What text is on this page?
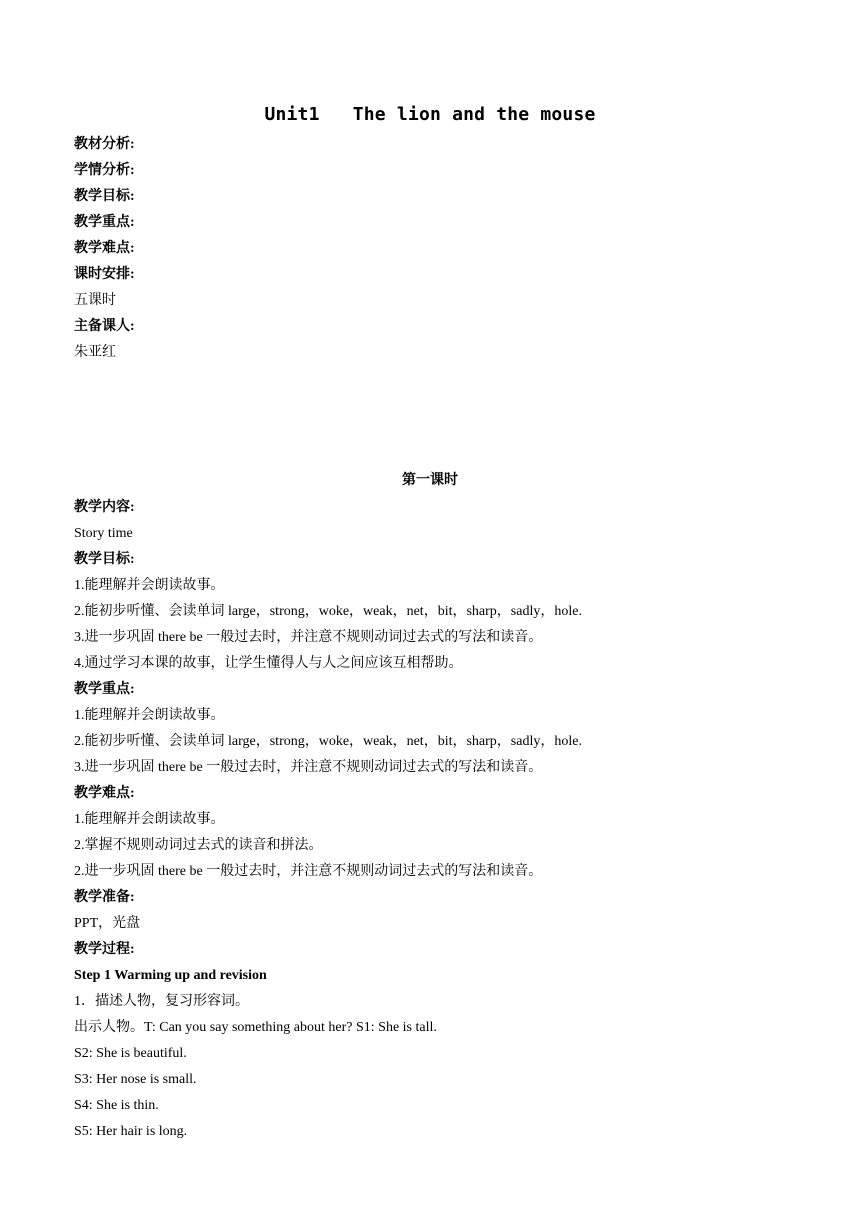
Unit1   The lion and the mouse
教材分析:
学情分析:
教学目标:
教学重点:
教学难点:
课时安排:
五课时
主备课人:
朱亚红
第一课时
教学内容:
Story time
教学目标:
1.能理解并会朗读故事。
2.能初步听懂、会读单词 large，strong，woke，weak，net，bit，sharp，sadly，hole.
3.进一步巩固 there be 一般过去时，并注意不规则动词过去式的写法和读音。
4.通过学习本课的故事，让学生懂得人与人之间应该互相帮助。
教学重点:
1.能理解并会朗读故事。
2.能初步听懂、会读单词 large，strong，woke，weak，net，bit，sharp，sadly，hole.
3.进一步巩固 there be 一般过去时，并注意不规则动词过去式的写法和读音。
教学难点:
1.能理解并会朗读故事。
2.掌握不规则动词过去式的读音和拼法。
2.进一步巩固 there be 一般过去时，并注意不规则动词过去式的写法和读音。
教学准备:
PPT，光盘
教学过程:
Step 1 Warming up and revision
1．描述人物，复习形容词。
出示人物。T: Can you say something about her? S1: She is tall.
S2: She is beautiful.
S3: Her nose is small.
S4: She is thin.
S5: Her hair is long.
